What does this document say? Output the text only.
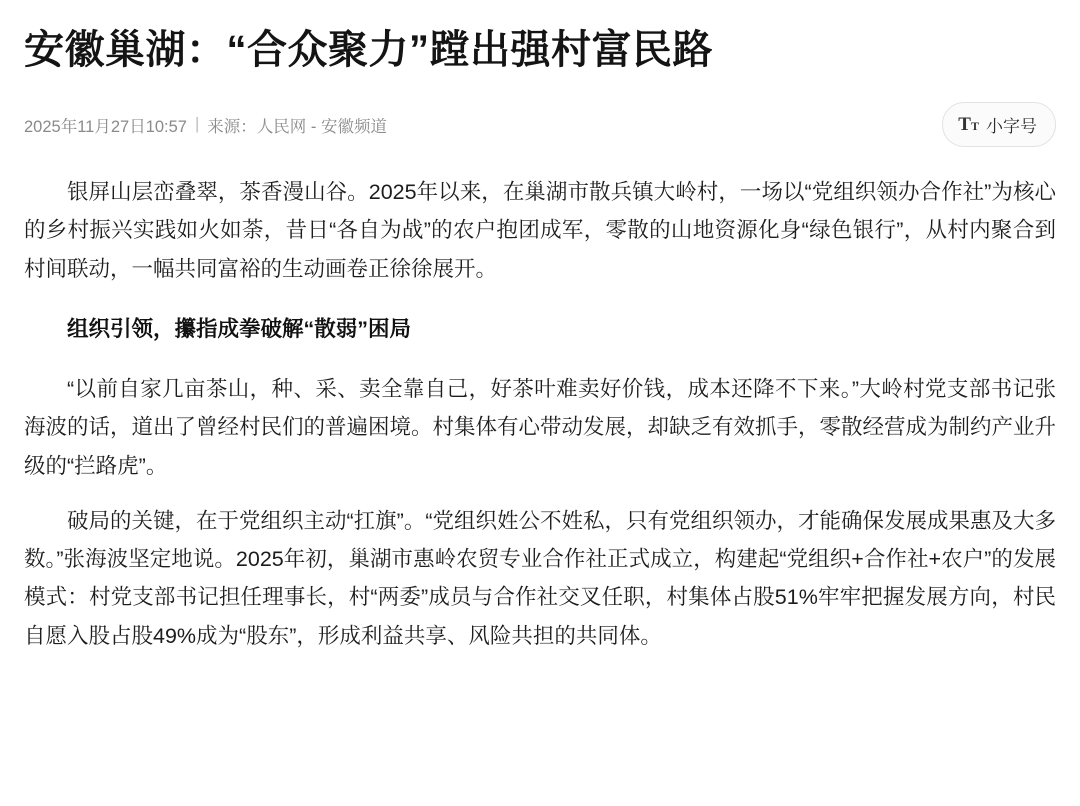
安徽巢湖：“合众聚力”蹚出强村富民路
2025年11月27日10:57 | 来源： 人民网 - 安徽频道	T T 小字号

银屏山层峦叠翠，茶香漫山谷。2025年以来，在巢湖市散兵镇大岭村，一场以“党组织领办合作社”为核心的乡村振兴实践如火如荼，昔日“各自为战”的农户抱团成军，零散的山地资源化身“绿色银行”，从村内聚合到村间联动，一幅共同富裕的生动画卷正徐徐展开。

组织引领，攥指成拳破解“散弱”困局

“以前自家几亩茶山，种、采、卖全靠自己，好茶叶难卖好价钱，成本还降不下来。”大岭村党支部书记张海波的话，道出了曾经村民们的普遍困境。村集体有心带动发展，却缺乏有效抓手，零散经营成为制约产业升级的“拦路虎”。

破局的关键，在于党组织主动“扛旗”。“党组织姓公不姓私，只有党组织领办，才能确保发展成果惠及大多数。”张海波坚定地说。2025年初，巢湖市惠岭农贸专业合作社正式成立，构建起“党组织+合作社+农户”的发展模式：村党支部书记担任理事长，村“两委”成员与合作社交叉任职，村集体占股51%牢牢把握发展方向，村民自愿入股占股49%成为“股东”，形成利益共享、风险共担的共同体。
